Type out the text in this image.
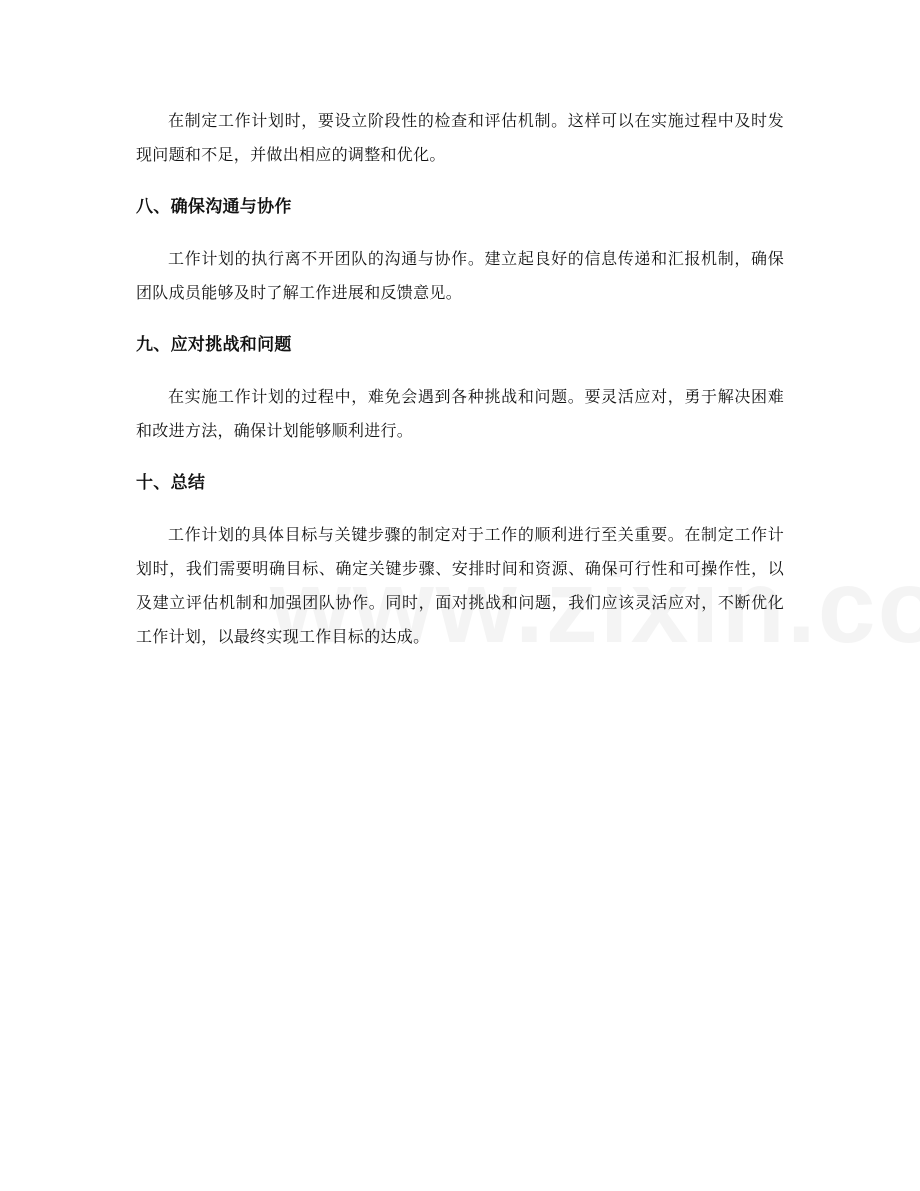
在制定工作计划时，要设立阶段性的检查和评估机制。这样可以在实施过程中及时发现问题和不足，并做出相应的调整和优化。

八、确保沟通与协作

工作计划的执行离不开团队的沟通与协作。建立起良好的信息传递和汇报机制，确保团队成员能够及时了解工作进展和反馈意见。

九、应对挑战和问题

在实施工作计划的过程中，难免会遇到各种挑战和问题。要灵活应对，勇于解决困难和改进方法，确保计划能够顺利进行。

十、总结

工作计划的具体目标与关键步骤的制定对于工作的顺利进行至关重要。在制定工作计划时，我们需要明确目标、确定关键步骤、安排时间和资源、确保可行性和可操作性，以及建立评估机制和加强团队协作。同时，面对挑战和问题，我们应该灵活应对，不断优化工作计划，以最终实现工作目标的达成。
